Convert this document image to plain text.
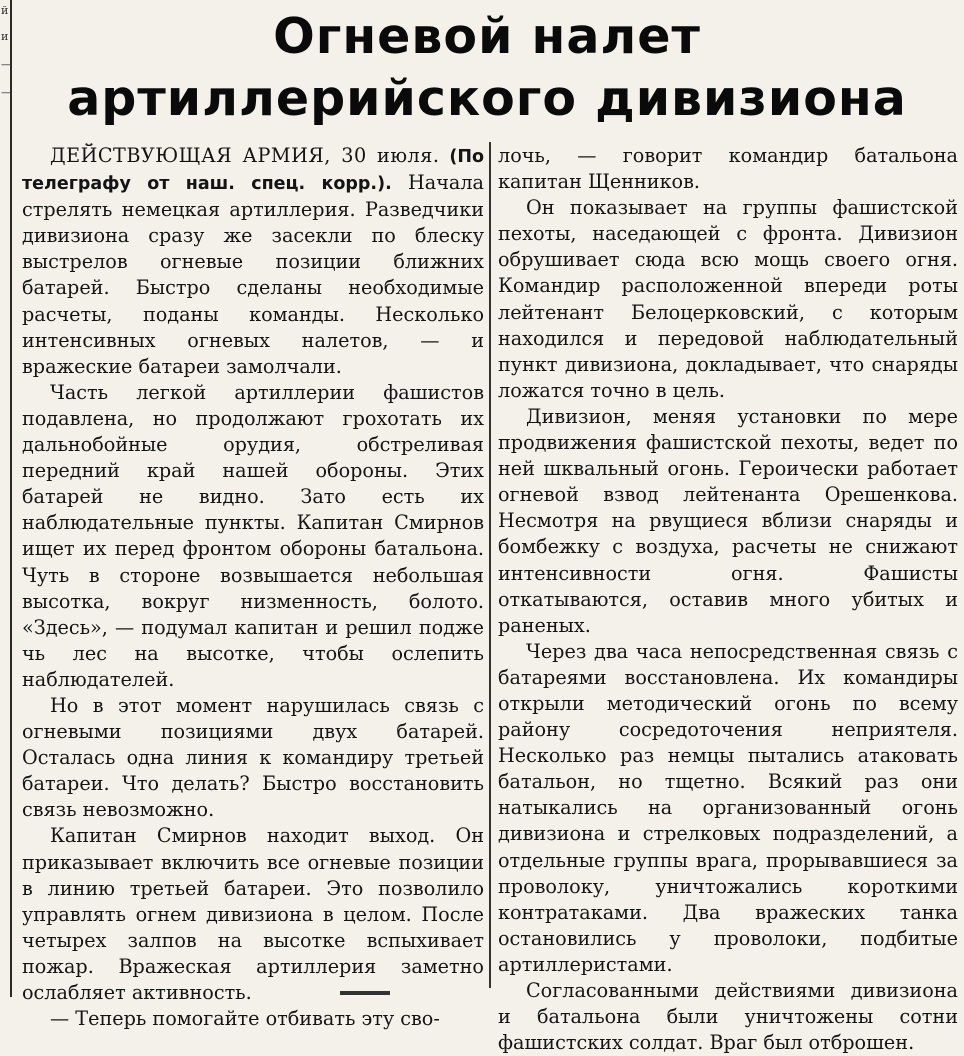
й
и
—
—
Огневой налет
артиллерийского дивизиона

ДЕЙСТВУЮЩАЯ АРМИЯ, 30 июля. (По телеграфу от наш. спец. корр.). Начала стрелять немецкая артиллерия. Разведчики дивизиона сразу же засекли по блеску выстрелов огневые позиции ближних батарей. Быстро сделаны необходимые расчеты, поданы команды. Несколько интенсивных огневых налетов, — и вражеские батареи замолчали.

Часть легкой артиллерии фашистов подавлена, но продолжают грохотать их дальнобойные орудия, обстреливая передний край нашей обороны. Этих батарей не видно. Зато есть их наблюдательные пункты. Капитан Смирнов ищет их перед фронтом обороны батальона. Чуть в стороне возвышается небольшая высотка, вокруг низменность, болото. «Здесь», — подумал капитан и решил подже чь лес на высотке, чтобы ослепить наблюдателей.

Но в этот момент нарушилась связь с огневыми позициями двух батарей. Осталась одна линия к командиру третьей батареи. Что делать? Быстро восстановить связь невозможно.

Капитан Смирнов находит выход. Он приказывает включить все огневые позиции в линию третьей батареи. Это позволило управлять огнем дивизиона в целом. После четырех залпов на высотке вспыхивает пожар. Вражеская артиллерия заметно ослабляет активность.

— Теперь помогайте отбивать эту сво-

лочь, — говорит командир батальона капитан Щенников.

Он показывает на группы фашистской пехоты, наседающей с фронта. Дивизион обрушивает сюда всю мощь своего огня. Командир расположенной впереди роты лейтенант Белоцерковский, с которым находился и передовой наблюдательный пункт дивизиона, докладывает, что снаряды ложатся точно в цель.

Дивизион, меняя установки по мере продвижения фашистской пехоты, ведет по ней шквальный огонь. Героически работает огневой взвод лейтенанта Орешенкова. Несмотря на рвущиеся вблизи снаряды и бомбежку с воздуха, расчеты не снижают интенсивности огня. Фашисты откатываются, оставив много убитых и раненых.

Через два часа непосредственная связь с батареями восстановлена. Их командиры открыли методический огонь по всему району сосредоточения неприятеля. Несколько раз немцы пытались атаковать батальон, но тщетно. Всякий раз они натыкались на организованный огонь дивизиона и стрелковых подразделений, а отдельные группы врага, прорывавшиеся за проволоку, уничтожались короткими контратаками. Два вражеских танка остановились у проволоки, подбитые артиллеристами.

Согласованными действиями дивизиона и батальона были уничтожены сотни фашистских солдат. Враг был отброшен.
